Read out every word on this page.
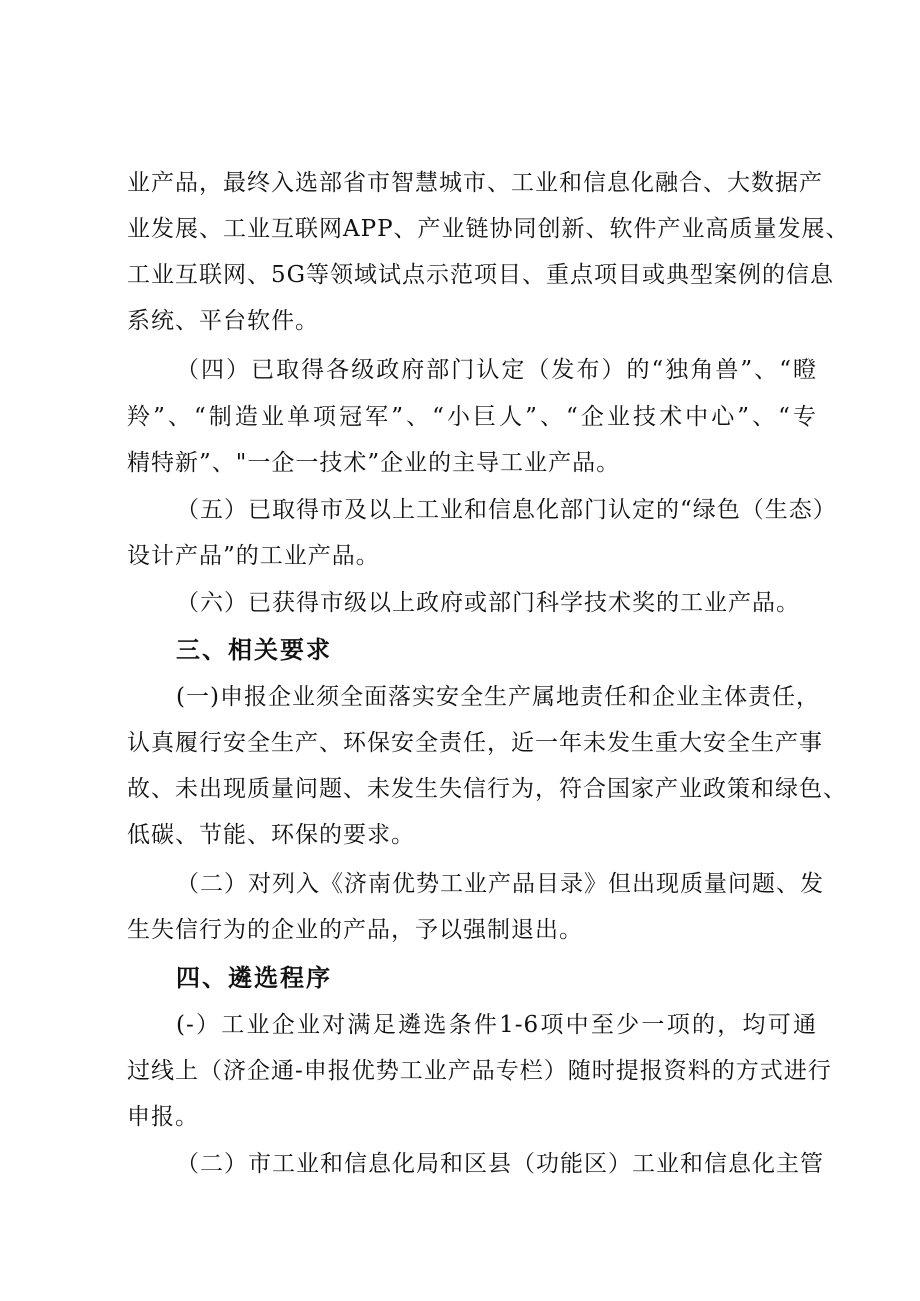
业产品，最终入选部省市智慧城市、工业和信息化融合、大数据产
业发展、工业互联网APP、产业链协同创新、软件产业高质量发展、
工业互联网、5G等领域试点示范项目、重点项目或典型案例的信息
系统、平台软件。
（四）已取得各级政府部门认定（发布）的“独角兽”、“瞪
羚”、“制造业单项冠军”、“小巨人”、“企业技术中心”、“专
精特新”、"一企一技术”企业的主导工业产品。
（五）已取得市及以上工业和信息化部门认定的“绿色（生态）
设计产品”的工业产品。
（六）已获得市级以上政府或部门科学技术奖的工业产品。
三、相关要求
(一)申报企业须全面落实安全生产属地责任和企业主体责任，
认真履行安全生产、环保安全责任，近一年未发生重大安全生产事
故、未出现质量问题、未发生失信行为，符合国家产业政策和绿色、
低碳、节能、环保的要求。
（二）对列入《济南优势工业产品目录》但出现质量问题、发
生失信行为的企业的产品，予以强制退出。
四、遴选程序
(-）工业企业对满足遴选条件1-6项中至少一项的，均可通
过线上（济企通-申报优势工业产品专栏）随时提报资料的方式进行
申报。
（二）市工业和信息化局和区县（功能区）工业和信息化主管
